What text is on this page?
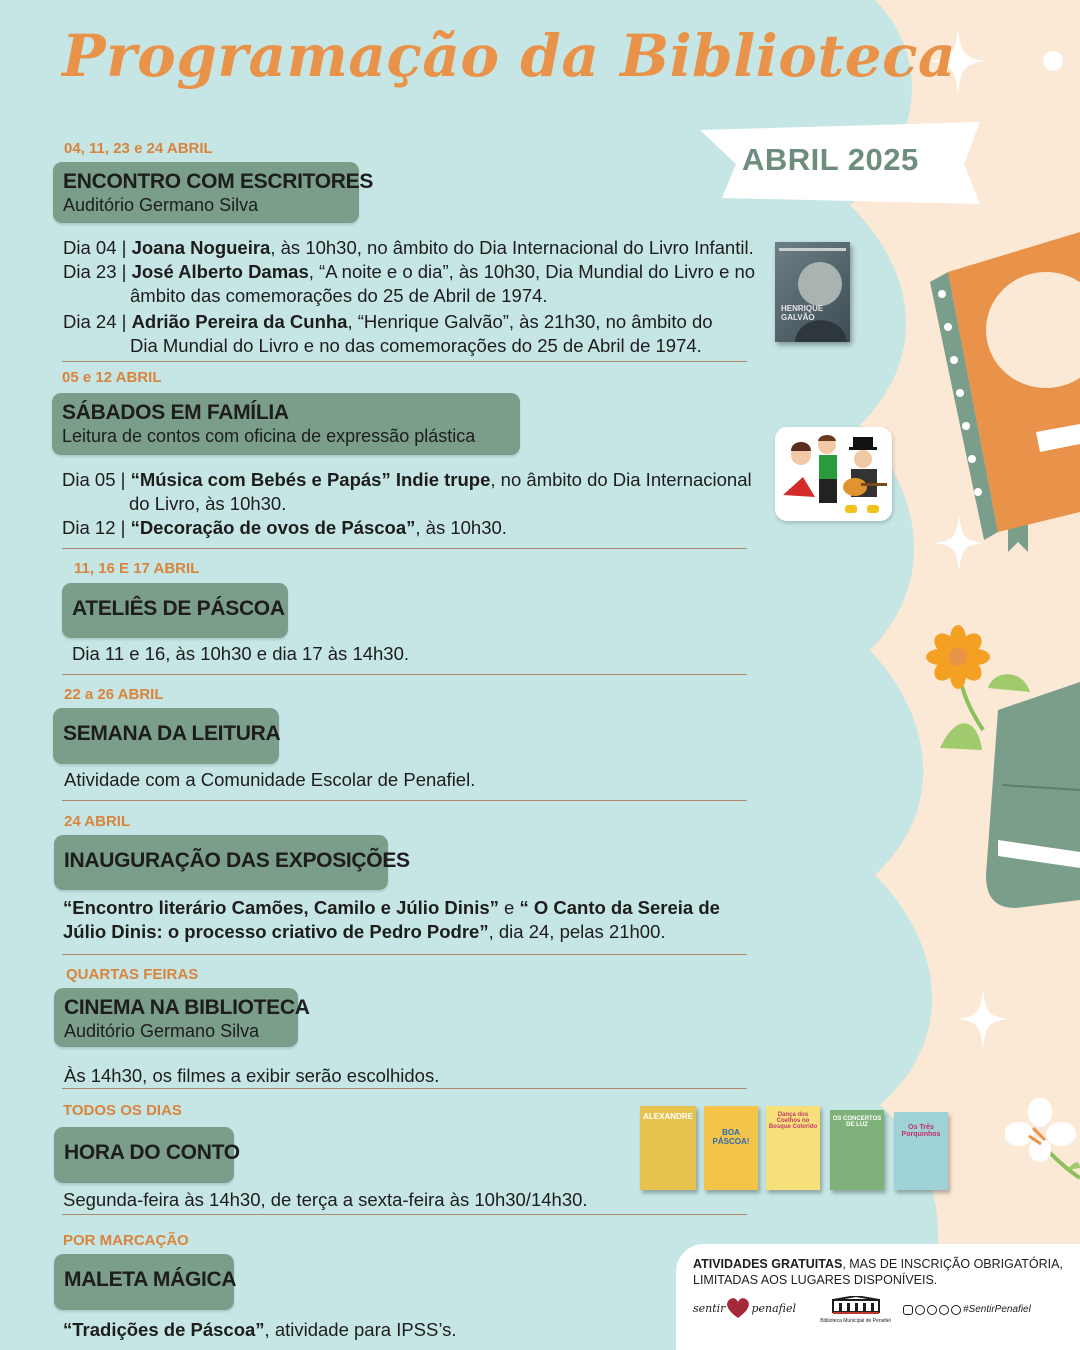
Programação da Biblioteca
ABRIL 2025
04, 11, 23 e 24 ABRIL
ENCONTRO COM ESCRITORES
Auditório Germano Silva
Dia 04 | Joana Nogueira, às 10h30, no âmbito do Dia Internacional do Livro Infantil.
Dia 23 | José Alberto Damas, “A noite e o dia”, às 10h30, Dia Mundial do Livro e no
âmbito das comemorações do 25 de Abril de 1974.
Dia 24 | Adrião Pereira da Cunha, “Henrique Galvão”, às 21h30, no âmbito do
Dia Mundial do Livro e no das comemorações do 25 de Abril de 1974.
HENRIQUE GALVÃO
05 e 12 ABRIL
SÁBADOS EM FAMÍLIA
Leitura de contos com oficina de expressão plástica
Dia 05 | “Música com Bebés e Papás” Indie trupe, no âmbito do Dia Internacional
do Livro, às 10h30.
Dia 12 | “Decoração de ovos de Páscoa”, às 10h30.
11, 16 E 17 ABRIL
ATELIÊS DE PÁSCOA
Dia 11 e 16, às 10h30 e dia 17 às 14h30.
22 a 26 ABRIL
SEMANA DA LEITURA
Atividade com a Comunidade Escolar de Penafiel.
24 ABRIL
INAUGURAÇÃO DAS EXPOSIÇÕES
“Encontro literário Camões, Camilo e Júlio Dinis” e “ O Canto da Sereia de
Júlio Dinis: o processo criativo de Pedro Podre”, dia 24, pelas 21h00.
QUARTAS FEIRAS
CINEMA NA BIBLIOTECA
Auditório Germano Silva
Às 14h30, os filmes a exibir serão escolhidos.
TODOS OS DIAS
HORA DO CONTO
Segunda-feira às 14h30, de terça a sexta-feira às 10h30/14h30.
ALEXANDRE
BOA PÁSCOA!
Dança dos Coelhos no Bosque Colorido
OS CONCERTOS DE LUZ	Os Três Porquinhos
POR MARCAÇÃO
MALETA MÁGICA
“Tradições de Páscoa”, atividade para IPSS’s.
ATIVIDADES GRATUITAS, MAS DE INSCRIÇÃO OBRIGATÓRIA,
LIMITADAS AOS LUGARES DISPONÍVEIS.
sentir penafiel
Biblioteca Municipal de Penafiel
#SentirPenafiel
